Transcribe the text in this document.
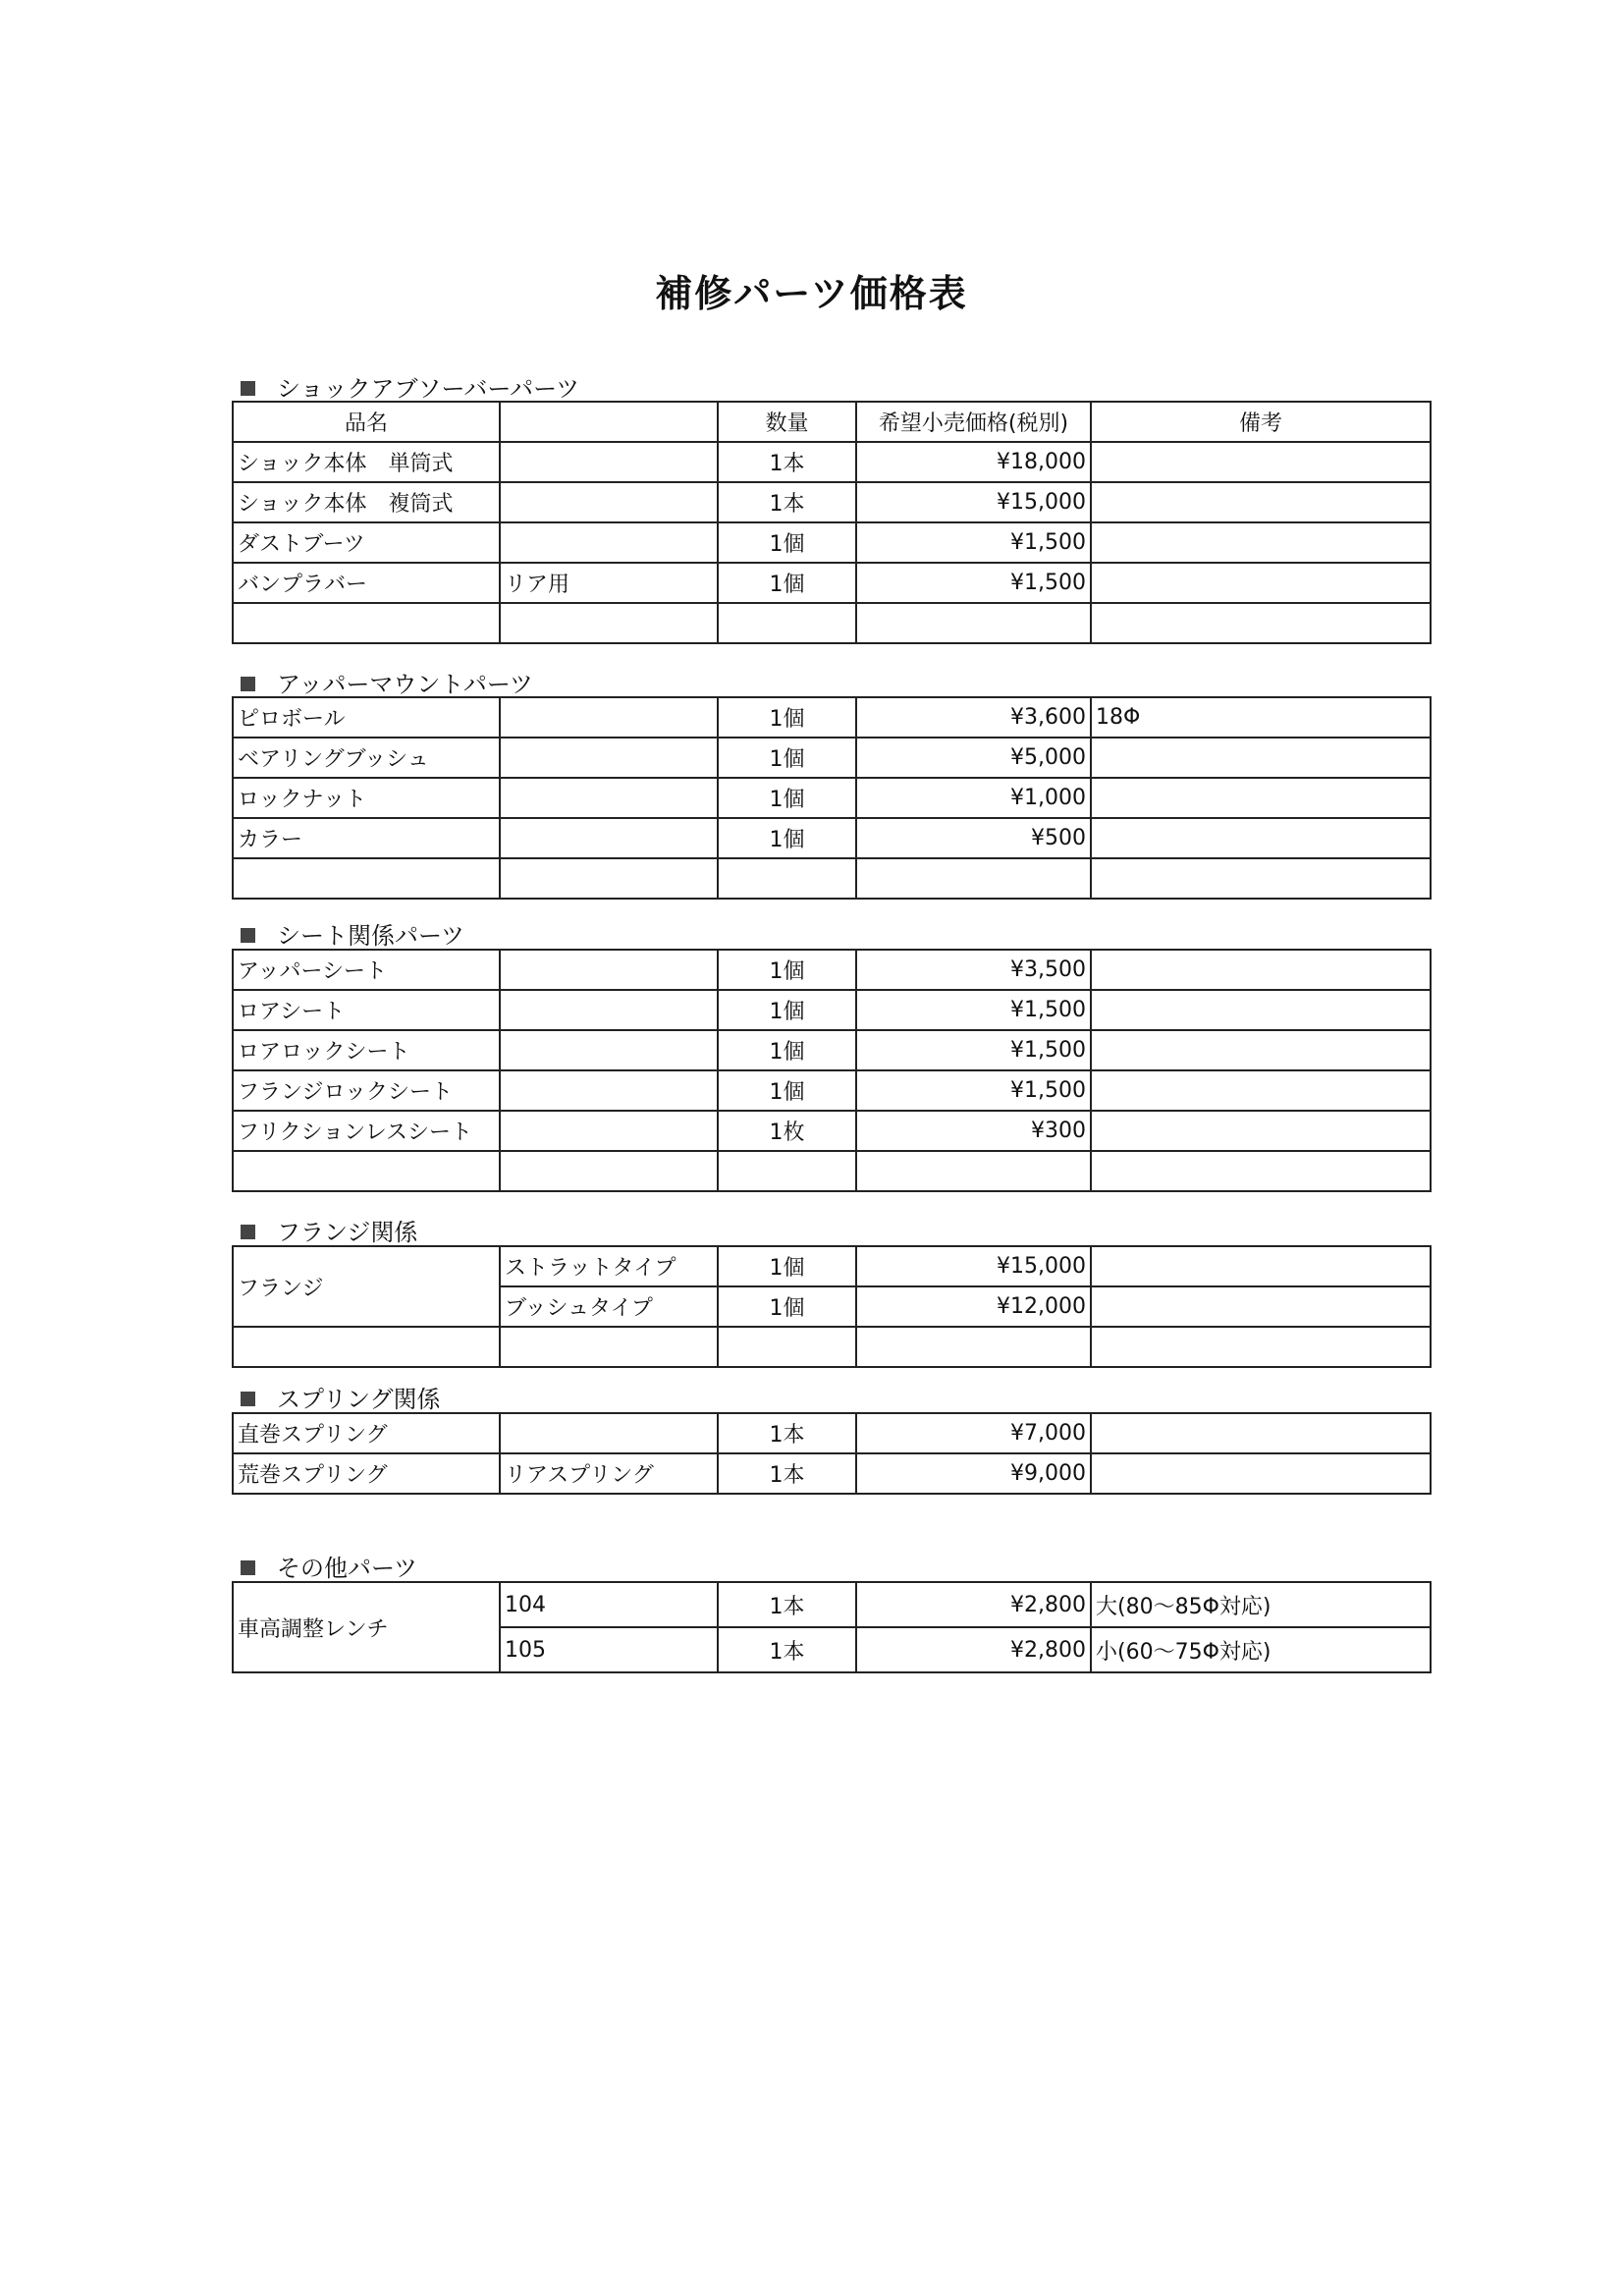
補修パーツ価格表
ショックアブソーバーパーツ
品名		数量	希望小売価格(税別)	備考
ショック本体　単筒式		1本	¥18,000	
ショック本体　複筒式		1本	¥15,000	
ダストブーツ		1個	¥1,500	
バンプラバー	リア用	1個	¥1,500	

アッパーマウントパーツ
ピロボール		1個	¥3,600	18Φ
ベアリングブッシュ		1個	¥5,000	
ロックナット		1個	¥1,000	
カラー		1個	¥500	

シート関係パーツ
アッパーシート		1個	¥3,500	
ロアシート		1個	¥1,500	
ロアロックシート		1個	¥1,500	
フランジロックシート		1個	¥1,500	
フリクションレスシート		1枚	¥300	

フランジ関係
フランジ	ストラットタイプ	1個	¥15,000	
	ブッシュタイプ	1個	¥12,000	

スプリング関係
直巻スプリング		1本	¥7,000	
荒巻スプリング	リアスプリング	1本	¥9,000	
その他パーツ
車高調整レンチ	104	1本	¥2,800	大(80～85Φ対応)
	105	1本	¥2,800	小(60～75Φ対応)
